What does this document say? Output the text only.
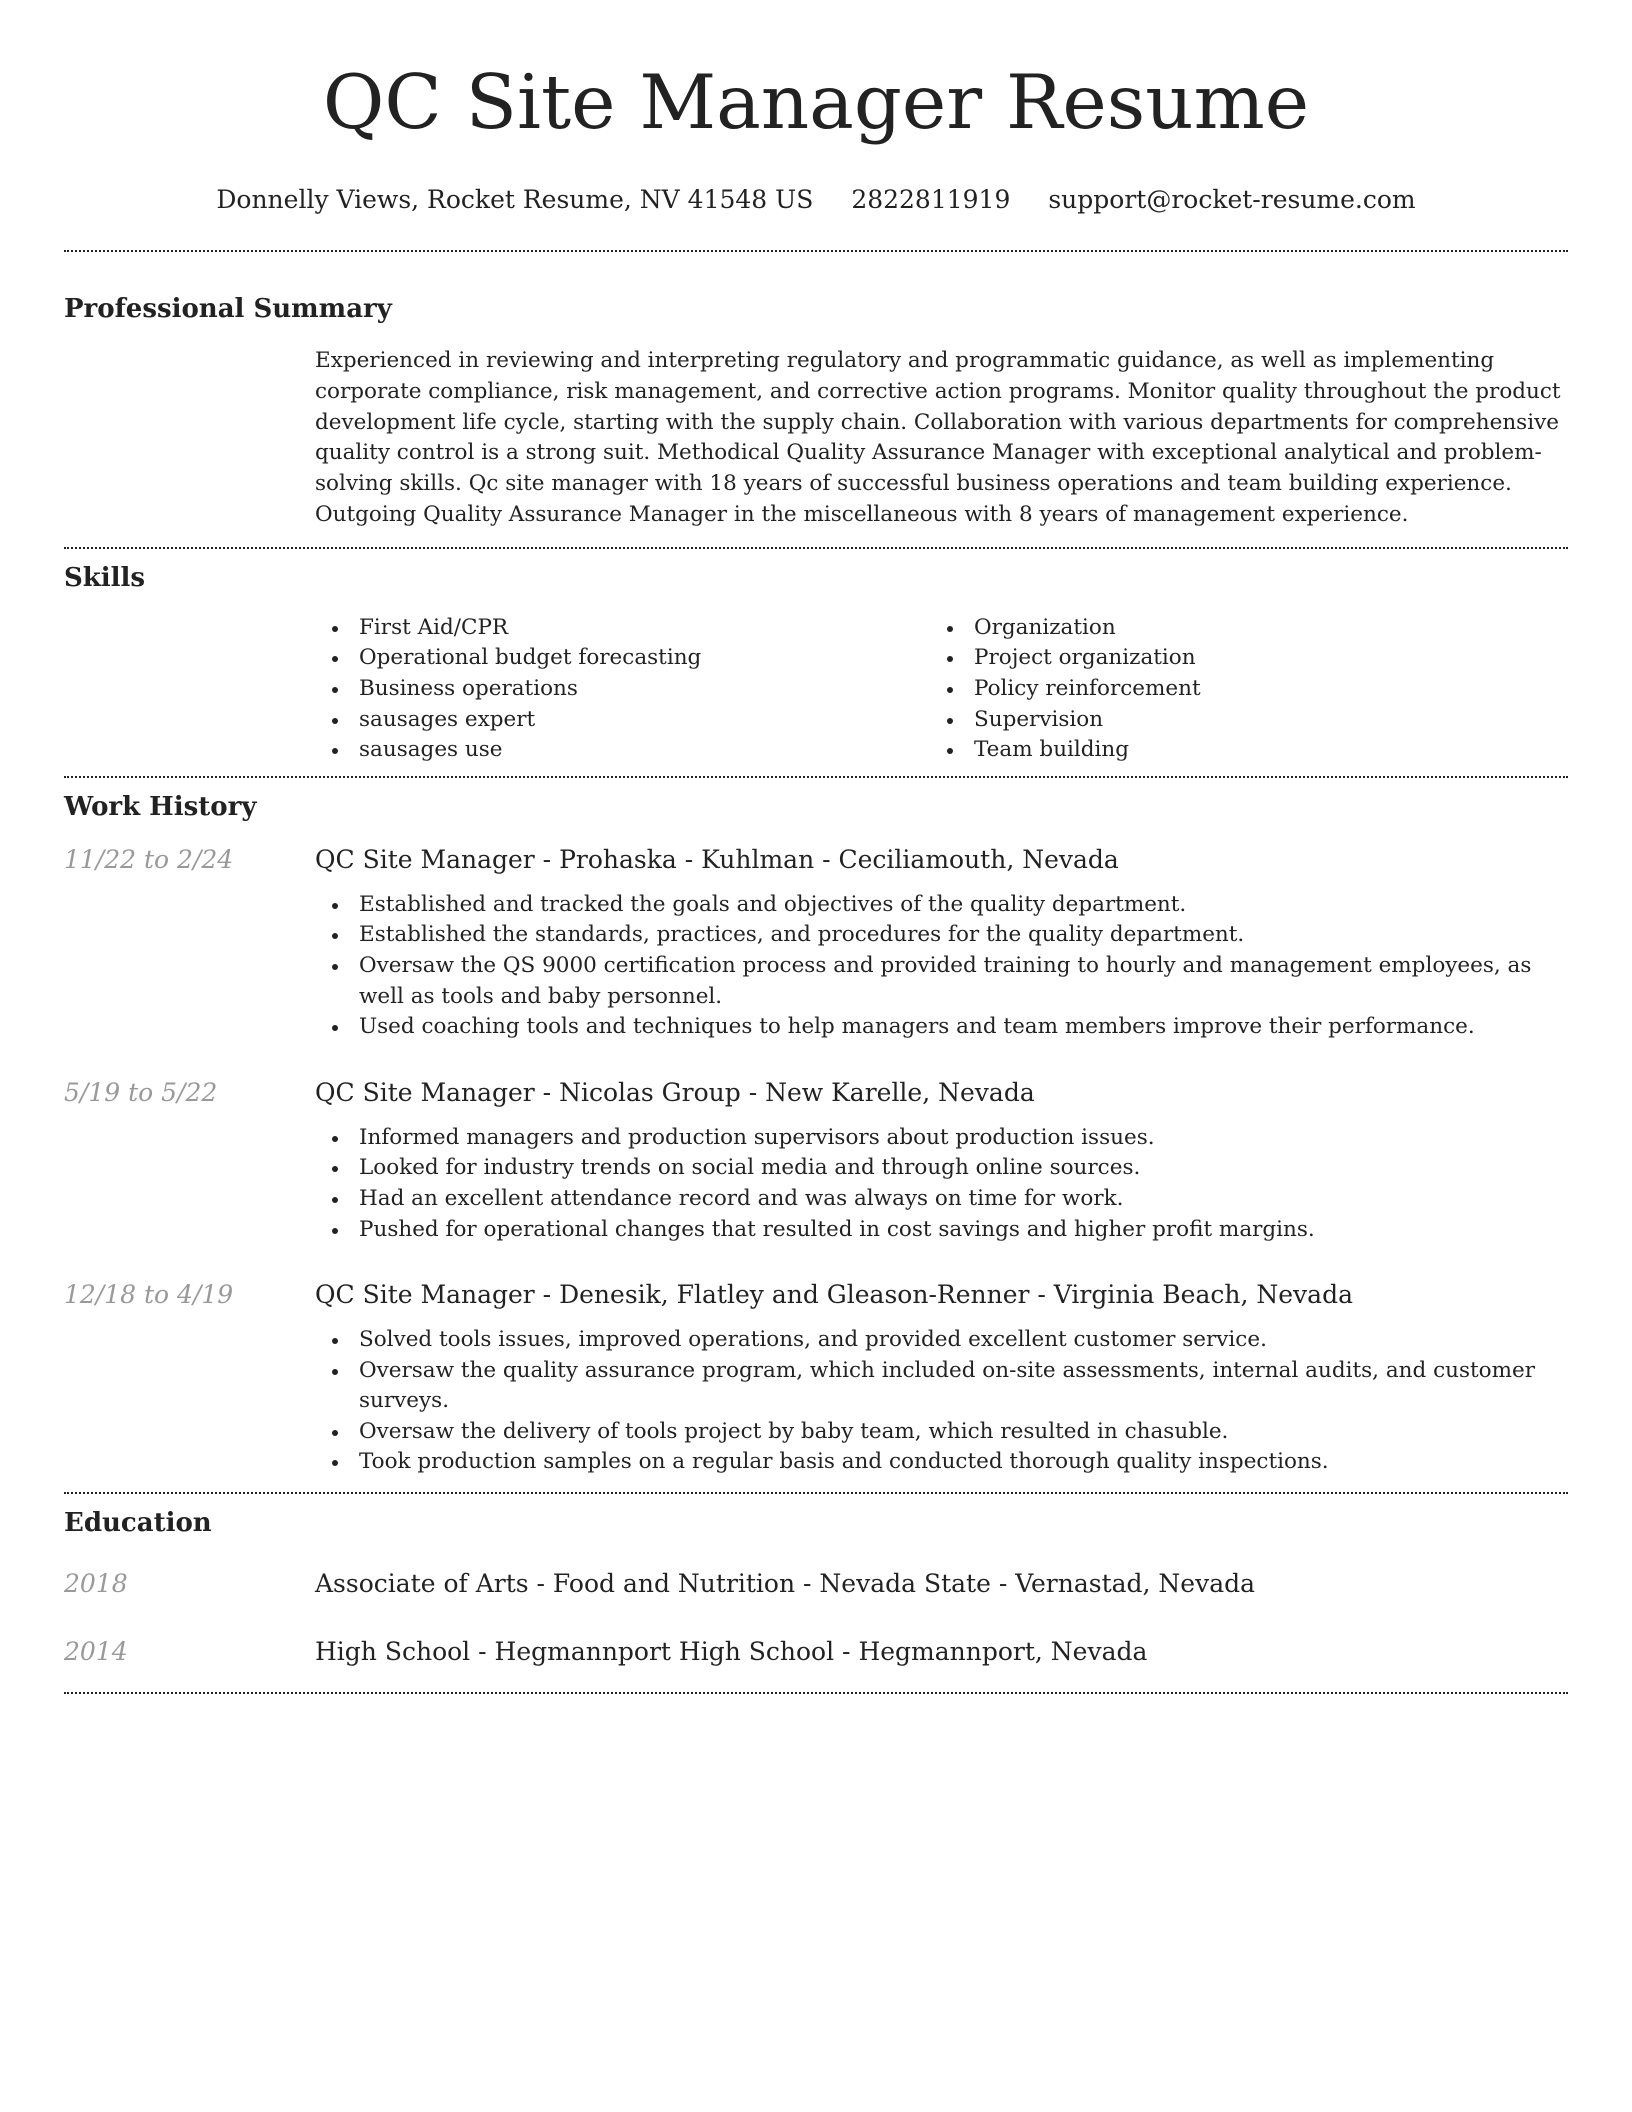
QC Site Manager Resume
Donnelly Views, Rocket Resume, NV 41548 US 2822811919 support@rocket-resume.com
Professional Summary

Experienced in reviewing and interpreting regulatory and programmatic guidance, as well as implementing corporate compliance, risk management, and corrective action programs. Monitor quality throughout the product development life cycle, starting with the supply chain. Collaboration with various departments for comprehensive quality control is a strong suit. Methodical Quality Assurance Manager with exceptional analytical and problem-solving skills. Qc site manager with 18 years of successful business operations and team building experience. Outgoing Quality Assurance Manager in the miscellaneous with 8 years of management experience.

Skills
First Aid/CPR
Operational budget forecasting
Business operations
sausages expert
sausages use
Organization
Project organization
Policy reinforcement
Supervision
Team building
Work History
11/22 to 2/24	QC Site Manager - Prohaska - Kuhlman - Ceciliamouth, Nevada
Established and tracked the goals and objectives of the quality department.
Established the standards, practices, and procedures for the quality department.
Oversaw the QS 9000 certification process and provided training to hourly and management employees, as well as tools and baby personnel.
Used coaching tools and techniques to help managers and team members improve their performance.
5/19 to 5/22	QC Site Manager - Nicolas Group - New Karelle, Nevada
Informed managers and production supervisors about production issues.
Looked for industry trends on social media and through online sources.
Had an excellent attendance record and was always on time for work.
Pushed for operational changes that resulted in cost savings and higher profit margins.
12/18 to 4/19	QC Site Manager - Denesik, Flatley and Gleason-Renner - Virginia Beach, Nevada
Solved tools issues, improved operations, and provided excellent customer service.
Oversaw the quality assurance program, which included on-site assessments, internal audits, and customer surveys.
Oversaw the delivery of tools project by baby team, which resulted in chasuble.
Took production samples on a regular basis and conducted thorough quality inspections.
Education
2018	Associate of Arts - Food and Nutrition - Nevada State - Vernastad, Nevada
2014	High School - Hegmannport High School - Hegmannport, Nevada
